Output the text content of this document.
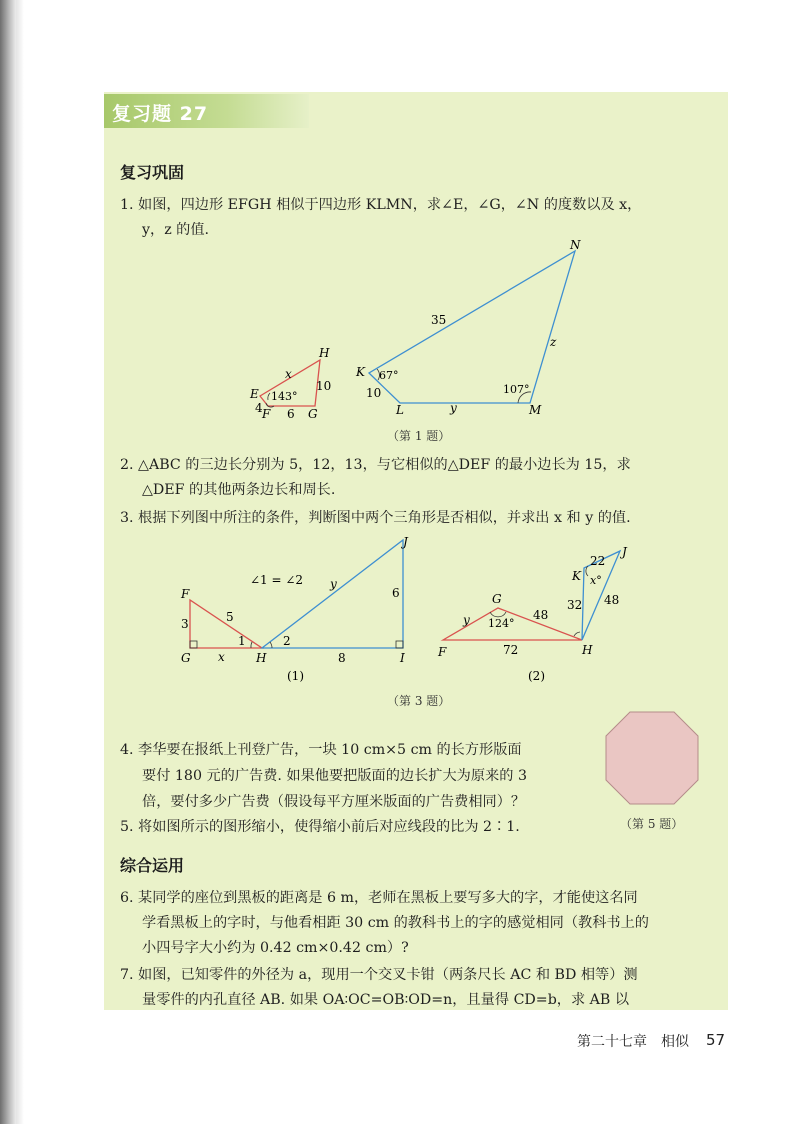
复习题 27
复习巩固
1. 如图，四边形 EFGH 相似于四边形 KLMN，求∠E，∠G，∠N 的度数以及 x，
y，z 的值.
E
F	G
H
x
10
143°
4 6
K
L	M
N
35
z
67°
107°
10
y
（第 1 题）
2. △ABC 的三边长分别为 5，12，13，与它相似的△DEF 的最小边长为 15，求
△DEF 的其他两条边长和周长.
3. 根据下列图中所注的条件，判断图中两个三角形是否相似，并求出 x 和 y 的值.
F
G	H	I
J
∠1 = ∠2 y
6
5
3
x
1	2
8
(1)
F
G
H
J
K
22
x°
32 48
124°
48
y
72
(2)
（第 3 题）
4. 李华要在报纸上刊登广告，一块 10 cm×5 cm 的长方形版面
要付 180 元的广告费. 如果他要把版面的边长扩大为原来的 3
倍，要付多少广告费（假设每平方厘米版面的广告费相同）？
5. 将如图所示的图形缩小，使得缩小前后对应线段的比为 2∶1.	（第 5 题）
综合运用
6. 某同学的座位到黑板的距离是 6 m，老师在黑板上要写多大的字，才能使这名同
学看黑板上的字时，与他看相距 30 cm 的教科书上的字的感觉相同（教科书上的
小四号字大小约为 0.42 cm×0.42 cm）?
7. 如图，已知零件的外径为 a，现用一个交叉卡钳（两条尺长 AC 和 BD 相等）测
量零件的内孔直径 AB. 如果 OA∶OC=OB∶OD=n，且量得 CD=b，求 AB 以
第二十七章　相似 57
